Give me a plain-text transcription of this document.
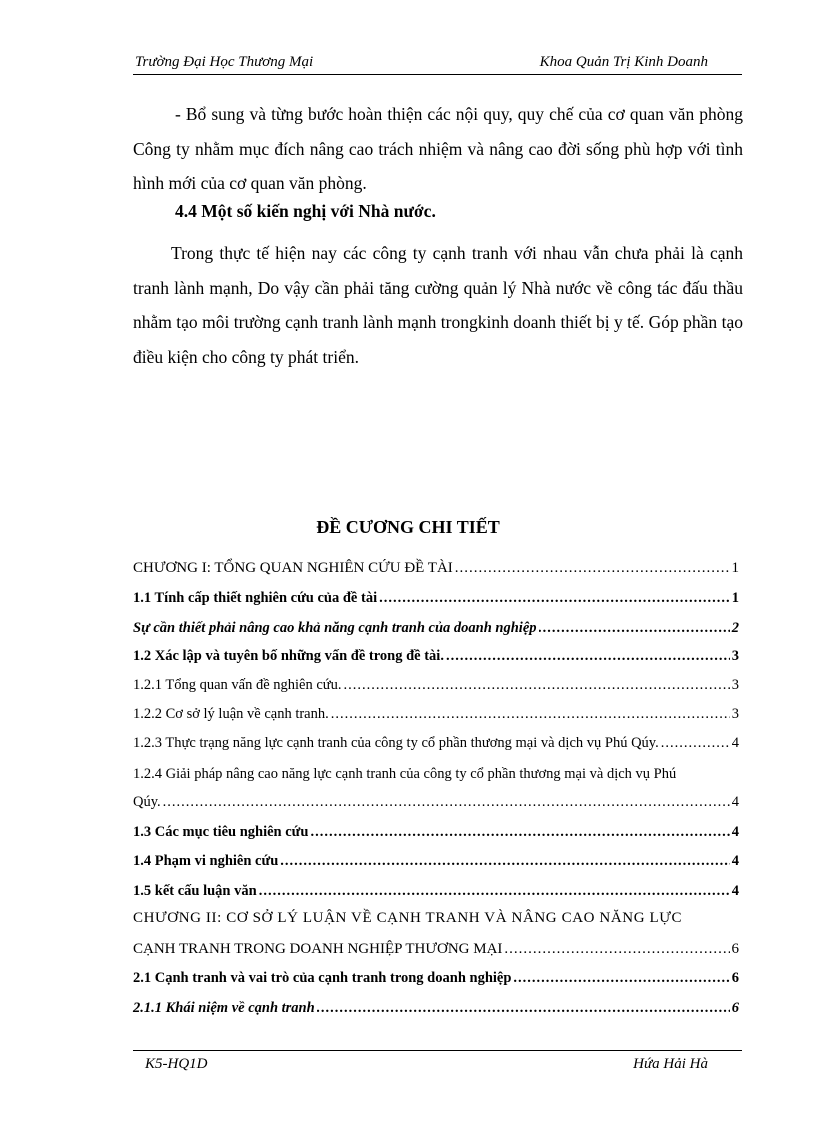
Trường Đại Học Thương Mại	Khoa Quản Trị Kinh Doanh
- Bổ sung và từng bước hoàn thiện các nội quy, quy chế của cơ quan văn phòng Công ty nhằm mục đích nâng cao trách nhiệm và nâng cao đời sống phù hợp với tình hình mới của cơ quan văn phòng.
4.4 Một số kiến nghị với Nhà nước.
Trong thực tế hiện nay các công ty cạnh tranh với nhau vẫn chưa phải là cạnh tranh lành mạnh, Do vậy cần phải tăng cường quản lý Nhà nước về công tác đấu thầu nhằm tạo môi trường cạnh tranh lành mạnh trongkinh doanh thiết bị y tế. Góp phần tạo điều kiện cho công ty phát triển.
ĐỀ CƯƠNG CHI TIẾT
CHƯƠNG I: TỔNG QUAN NGHIÊN CỨU ĐỀ TÀI .....	1
1.1 Tính cấp thiết nghiên cứu của đề tài .....	1
Sự cần thiết phải nâng cao khả năng cạnh tranh của doanh nghiệp .....	2
1.2 Xác lập và tuyên bố những vấn đề trong đề tài. .....	3
1.2.1 Tổng quan vấn đề nghiên cứu. .....	3
1.2.2 Cơ sở lý luận về cạnh tranh. .....	3
1.2.3 Thực trạng năng lực cạnh tranh của công ty cổ phần thương mại và dịch vụ Phú Qúy. .....	4
1.2.4 Giải pháp nâng cao năng lực cạnh tranh của công ty cổ phần thương mại và dịch vụ Phú
Qúy. .....	4
1.3 Các mục tiêu nghiên cứu .....	4
1.4 Phạm vi nghiên cứu .....	4
1.5 kết cấu luận văn .....	4
CHƯƠNG II: CƠ SỞ LÝ LUẬN VỀ CẠNH TRANH VÀ NÂNG CAO NĂNG LỰC
CẠNH TRANH TRONG DOANH NGHIỆP THƯƠNG MẠI .....	6
2.1 Cạnh tranh và vai trò của cạnh tranh trong doanh nghiệp .....	6
2.1.1 Khái niệm về cạnh tranh .....	6
K5-HQ1D	Hứa Hải Hà
